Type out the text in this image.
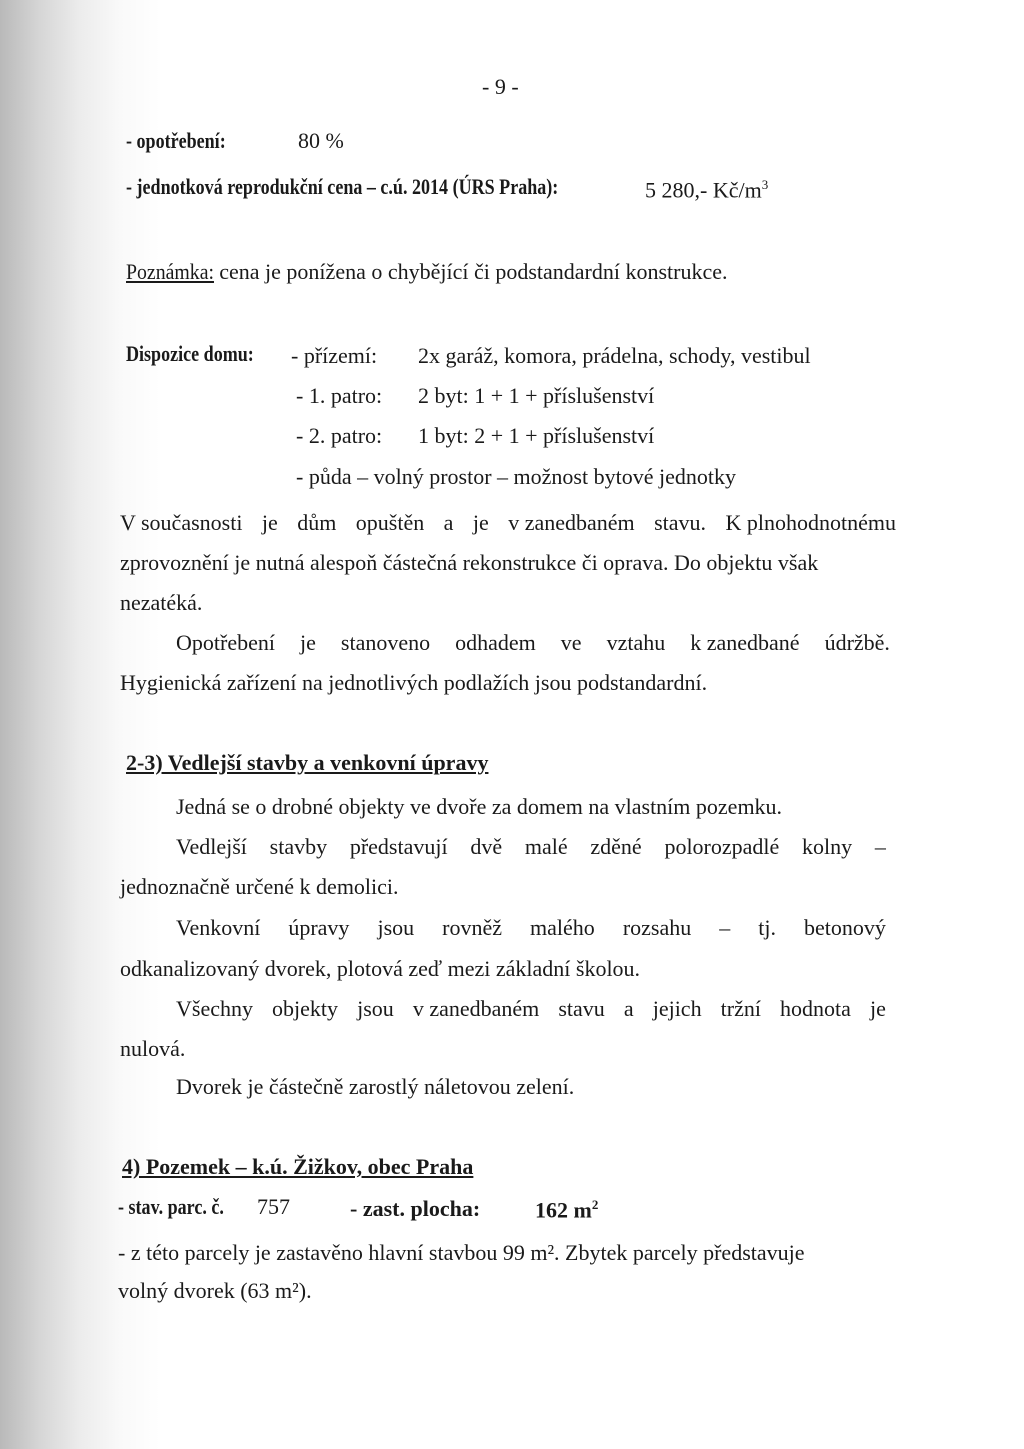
- 9 -
- opotřebení:	80 %
- jednotková reprodukční cena – c.ú. 2014 (ÚRS Praha):	5 280,- $Kč/m^3$
Poznámka: cena je ponížena o chybějící či podstandardní konstrukce.
Dispozice domu:	- přízemí: 2x garáž, komora, prádelna, schody, vestibul
- 1. patro: 2 byt: 1 + 1 + příslušenství
- 2. patro: 1 byt: 2 + 1 + příslušenství
- půda – volný prostor – možnost bytové jednotky
V současnosti je dům opuštěn a je v zanedbaném stavu. K plnohodnotnému
zprovoznění je nutná alespoň částečná rekonstrukce či oprava. Do objektu však
nezatéká.
Opotřebení je stanoveno odhadem ve vztahu k zanedbané údržbě.
Hygienická zařízení na jednotlivých podlažích jsou podstandardní.
2-3) Vedlejší stavby a venkovní úpravy
Jedná se o drobné objekty ve dvoře za domem na vlastním pozemku.
Vedlejší stavby představují dvě malé zděné polorozpadlé kolny –
jednoznačně určené k demolici.
Venkovní úpravy jsou rovněž malého rozsahu – tj. betonový
odkanalizovaný dvorek, plotová zeď mezi základní školou.
Všechny objekty jsou v zanedbaném stavu a jejich tržní hodnota je
nulová.
Dvorek je částečně zarostlý náletovou zelení.
4) Pozemek – k.ú. Žižkov, obec Praha
- stav. parc. č.	757	- zast. plocha: 162 $m^2$
- z této parcely je zastavěno hlavní stavbou 99 m². Zbytek parcely představuje
volný dvorek (63 m²).
